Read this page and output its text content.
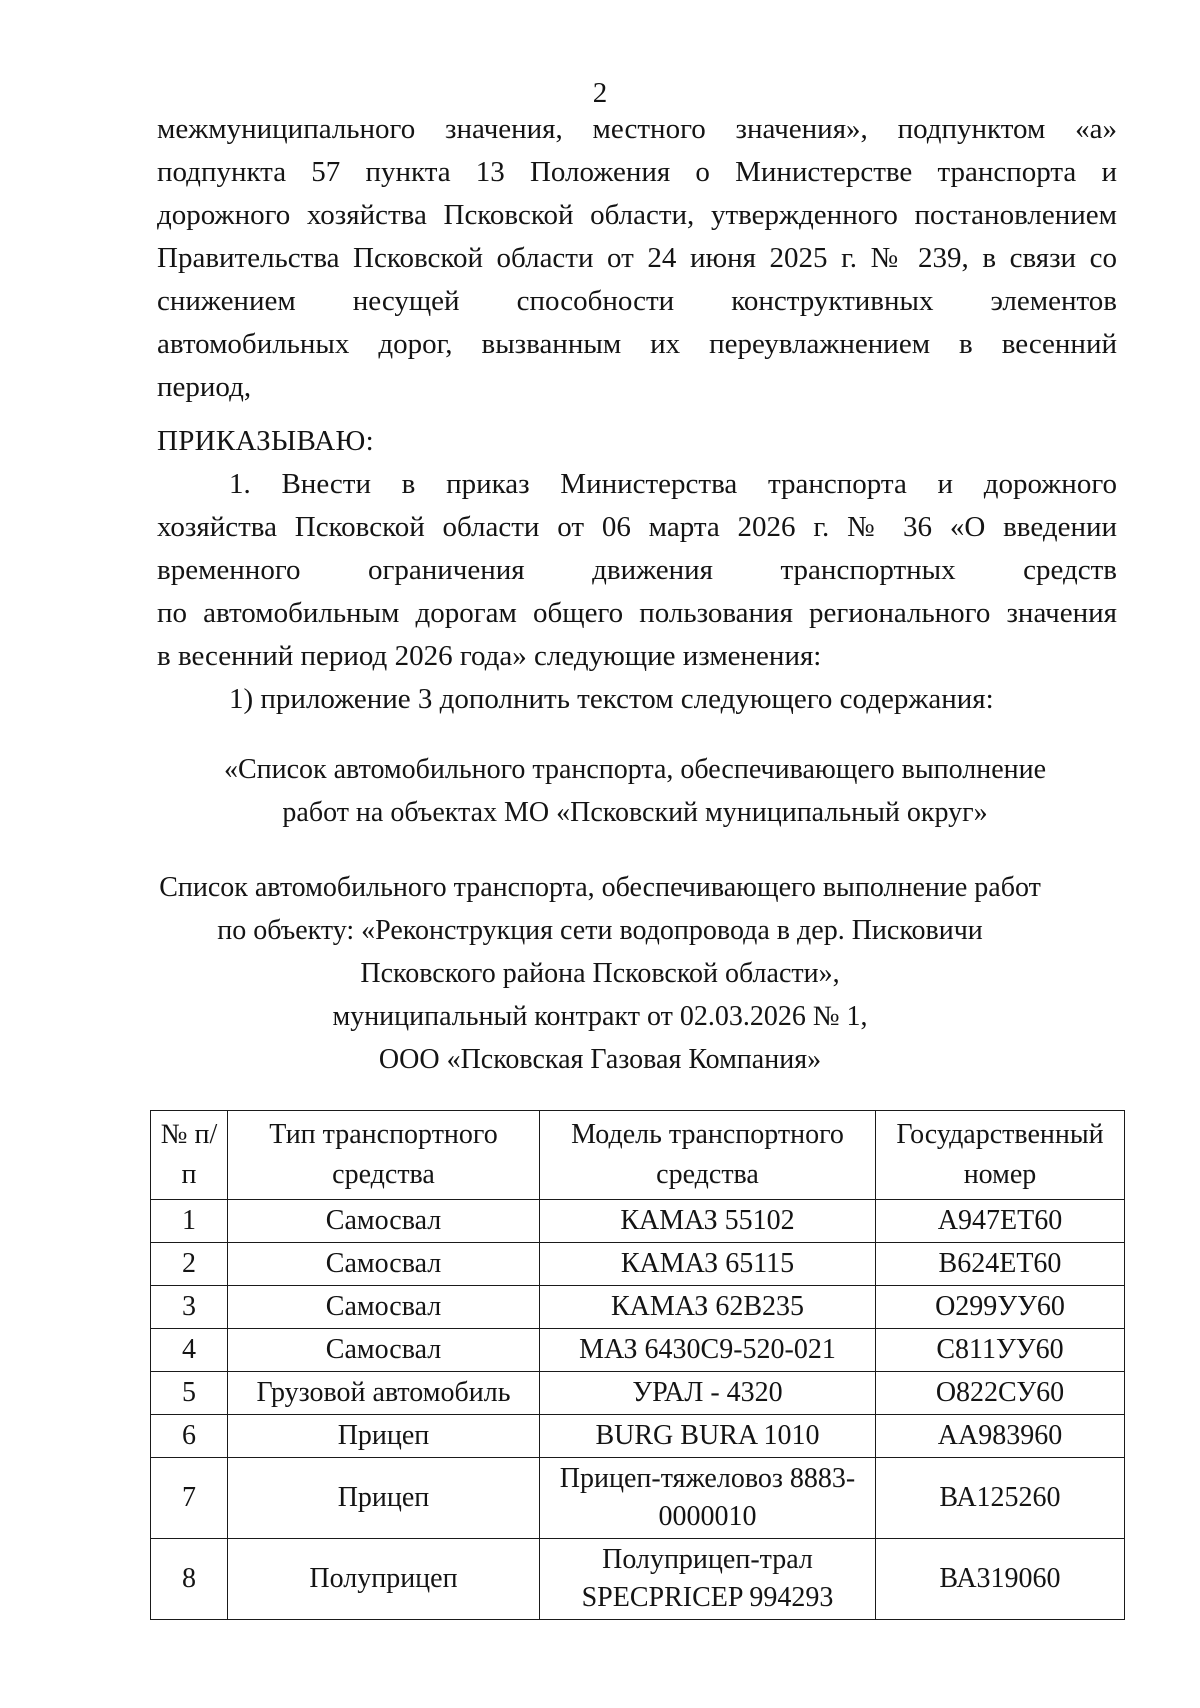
2
межмуниципального значения, местного значения», подпунктом «а»
подпункта 57 пункта 13 Положения о Министерстве транспорта и
дорожного хозяйства Псковской области, утвержденного постановлением
Правительства Псковской области от 24 июня 2025 г. № 239, в связи со
снижением несущей способности конструктивных элементов
автомобильных дорог, вызванным их переувлажнением в весенний
период,
ПРИКАЗЫВАЮ:
1. Внести в приказ Министерства транспорта и дорожного
хозяйства Псковской области от 06 марта 2026 г. № 36 «О введении
временного ограничения движения транспортных средств
по автомобильным дорогам общего пользования регионального значения
в весенний период 2026 года» следующие изменения:
1) приложение 3 дополнить текстом следующего содержания:
«Список автомобильного транспорта, обеспечивающего выполнение
работ на объектах МО «Псковский муниципальный округ»
Список автомобильного транспорта, обеспечивающего выполнение работ
по объекту: «Реконструкция сети водопровода в дер. Писковичи
Псковского района Псковской области»,
муниципальный контракт от 02.03.2026 № 1,
ООО «Псковская Газовая Компания»
№ п/п	Тип транспортного средства	Модель транспортного средства	Государственный номер
1	Самосвал	КАМАЗ 55102	А947ЕТ60
2	Самосвал	КАМАЗ 65115	В624ЕТ60
3	Самосвал	КАМАЗ 62В235	О299УУ60
4	Самосвал	МАЗ 6430С9-520-021	С811УУ60
5	Грузовой автомобиль	УРАЛ - 4320	О822СУ60
6	Прицеп	BURG BURA 1010	АА983960
7	Прицеп	Прицеп-тяжеловоз 8883-0000010	ВА125260
8	Полуприцеп	Полуприцеп-трал SPECPRICEP 994293	ВА319060
